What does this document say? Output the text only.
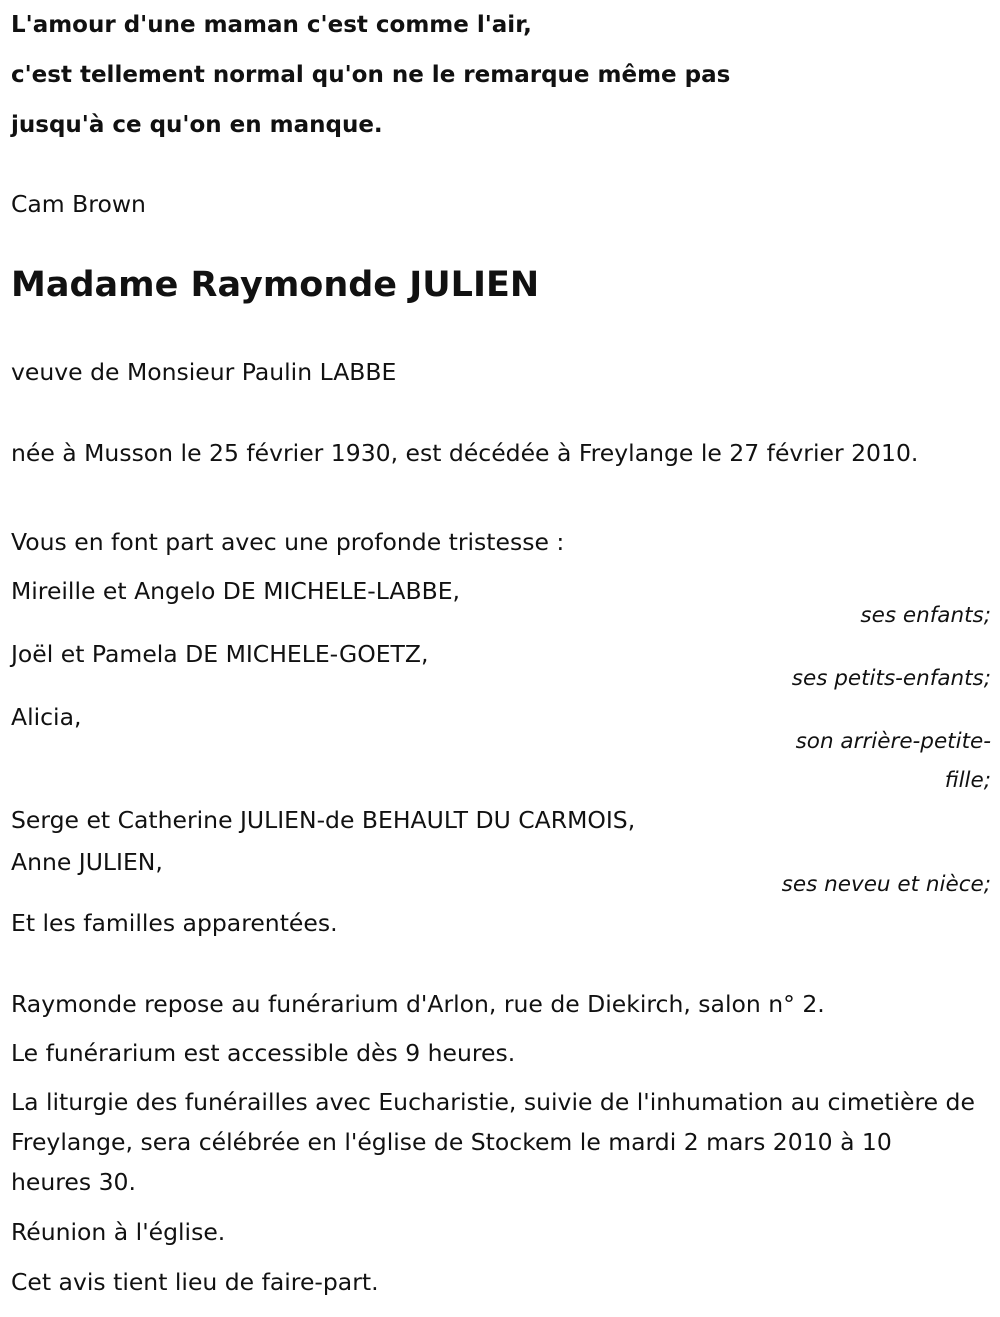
L'amour d'une maman c'est comme l'air,
c'est tellement normal qu'on ne le remarque même pas
jusqu'à ce qu'on en manque.
Cam Brown
Madame Raymonde JULIEN
veuve de Monsieur Paulin LABBE
née à Musson le 25 février 1930, est décédée à Freylange le 27 février 2010.
Vous en font part avec une profonde tristesse :
Mireille et Angelo DE MICHELE-LABBE,
ses enfants;
Joël et Pamela DE MICHELE-GOETZ,
ses petits-enfants;
Alicia,
son arrière-petite-fille;
Serge et Catherine JULIEN-de BEHAULT DU CARMOIS,
Anne JULIEN,
ses neveu et nièce;
Et les familles apparentées.
Raymonde repose au funérarium d'Arlon, rue de Diekirch, salon n° 2.
Le funérarium est accessible dès 9 heures.
La liturgie des funérailles avec Eucharistie, suivie de l'inhumation au cimetière de Freylange, sera célébrée en l'église de Stockem le mardi 2 mars 2010 à 10 heures 30.
Réunion à l'église.
Cet avis tient lieu de faire-part.
